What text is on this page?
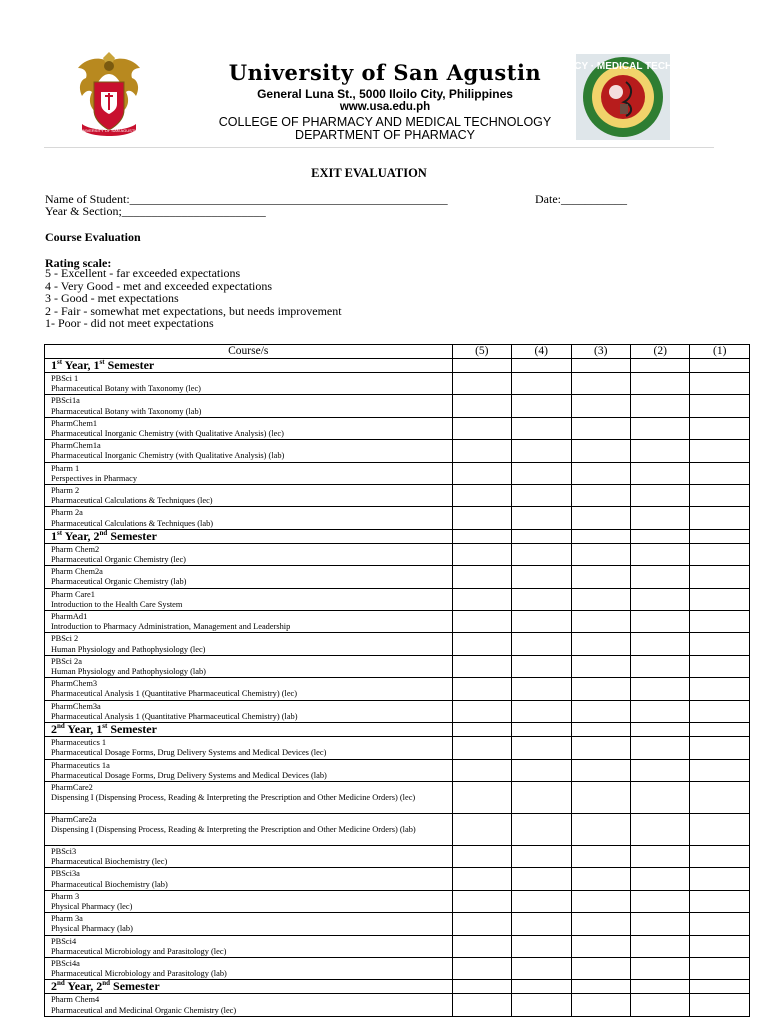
UNIVERSITY OF SAN AGUSTIN
University of San Agustin
General Luna St., 5000 Iloilo City, Philippines
www.usa.edu.ph
COLLEGE OF PHARMACY AND MEDICAL TECHNOLOGY
DEPARTMENT OF PHARMACY
PHARMACY · MEDICAL TECHNOLOGY
EXIT EVALUATION
Name of Student:_____________________________________________________	Date:___________
Year & Section;________________________
Course Evaluation
Rating scale:
5 - Excellent - far exceeded expectations
4 - Very Good - met and exceeded expectations
3 - Good - met expectations
2 - Fair - somewhat met expectations, but needs improvement
1- Poor - did not meet expectations
Course/s	(5)	(4)	(3)	(2)	(1)
1st Year, 1st Semester					

PBSci 1
Pharmaceutical Botany with Taxonomy (lec)					

PBSci1a
Pharmaceutical Botany with Taxonomy (lab)					

PharmChem1
Pharmaceutical Inorganic Chemistry (with Qualitative Analysis) (lec)					

PharmChem1a
Pharmaceutical Inorganic Chemistry (with Qualitative Analysis) (lab)					

Pharm 1
Perspectives in Pharmacy					

Pharm 2
Pharmaceutical Calculations & Techniques (lec)					

Pharm 2a
Pharmaceutical Calculations & Techniques (lab)					

1st Year, 2nd Semester					

Pharm Chem2
Pharmaceutical Organic Chemistry (lec)					

Pharm Chem2a
Pharmaceutical Organic Chemistry (lab)					

Pharm Care1
Introduction to the Health Care System					

PharmAd1
Introduction to Pharmacy Administration, Management and Leadership					

PBSci 2
Human Physiology and Pathophysiology (lec)					

PBSci 2a
Human Physiology and Pathophysiology (lab)					

PharmChem3
Pharmaceutical Analysis 1 (Quantitative Pharmaceutical Chemistry) (lec)					

PharmChem3a
Pharmaceutical Analysis 1 (Quantitative Pharmaceutical Chemistry) (lab)					

2nd Year, 1st Semester					

Pharmaceutics 1
Pharmaceutical Dosage Forms, Drug Delivery Systems and Medical Devices (lec)					

Pharmaceutics 1a
Pharmaceutical Dosage Forms, Drug Delivery Systems and Medical Devices (lab)					

PharmCare2
Dispensing I (Dispensing Process, Reading & Interpreting the Prescription and Other Medicine Orders) (lec)					

PharmCare2a
Dispensing I (Dispensing Process, Reading & Interpreting the Prescription and Other Medicine Orders) (lab)					

PBSci3
Pharmaceutical Biochemistry (lec)					

PBSci3a
Pharmaceutical Biochemistry (lab)					

Pharm 3
Physical Pharmacy (lec)					

Pharm 3a
Physical Pharmacy (lab)					

PBSci4
Pharmaceutical Microbiology and Parasitology (lec)					

PBSci4a
Pharmaceutical Microbiology and Parasitology (lab)					

2nd Year, 2nd Semester					

Pharm Chem4
Pharmaceutical and Medicinal Organic Chemistry (lec)					
